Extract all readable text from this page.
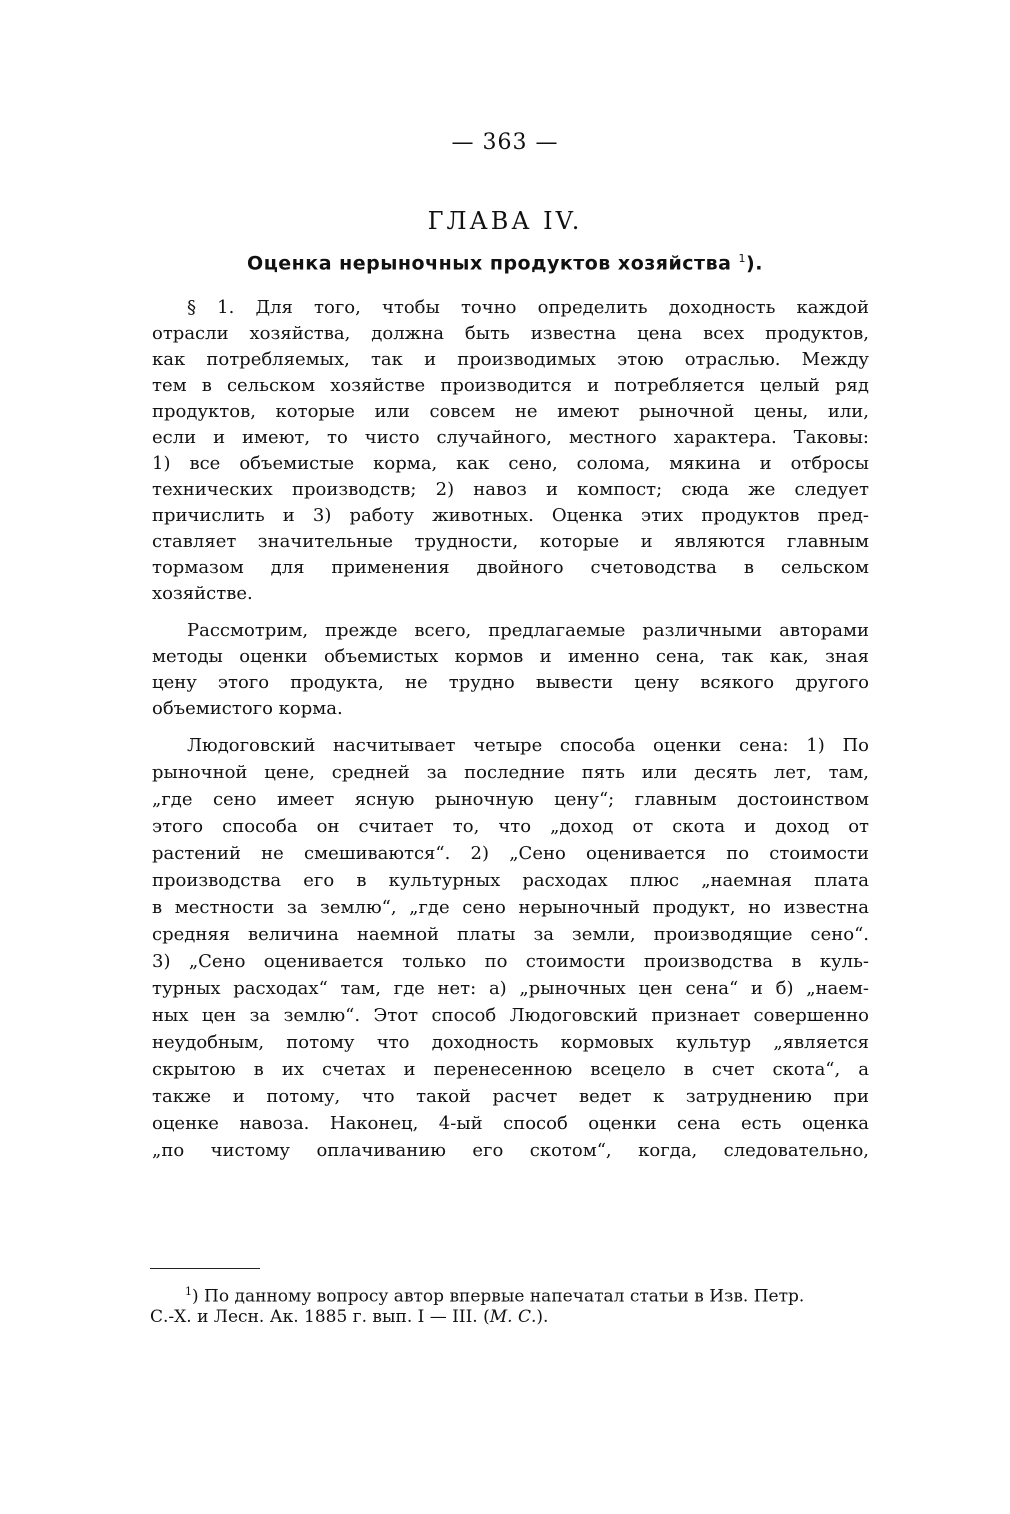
— 363 —
ГЛАВА IV.
Оценка нерыночных продуктов хозяйства $^1$).
§ 1. Для того, чтобы точно определить доходность каждой
отрасли хозяйства, должна быть известна цена всех продуктов,
как потребляемых, так и производимых этою отраслью. Между
тем в сельском хозяйстве производится и потребляется целый ряд
продуктов, которые или совсем не имеют рыночной цены, или,
если и имеют, то чисто случайного, местного характера. Таковы:
1) все объемистые корма, как сено, солома, мякина и отбросы
технических производств; 2) навоз и компост; сюда же следует
причислить и 3) работу животных. Оценка этих продуктов пред-
ставляет значительные трудности, которые и являются главным
тормазом для применения двойного счетоводства в сельском
хозяйстве.
Рассмотрим, прежде всего, предлагаемые различными авторами
методы оценки объемистых кормов и именно сена, так как, зная
цену этого продукта, не трудно вывести цену всякого другого
объемистого корма.
Людоговский насчитывает четыре способа оценки сена: 1) По
рыночной цене, средней за последние пять или десять лет, там,
„где сено имеет ясную рыночную цену“; главным достоинством
этого способа он считает то, что „доход от скота и доход от
растений не смешиваются“. 2) „Сено оценивается по стоимости
производства его в культурных расходах плюс „наемная плата
в местности за землю“, „где сено нерыночный продукт, но известна
средняя величина наемной платы за земли, производящие сено“.
3) „Сено оценивается только по стоимости производства в куль-
турных расходах“ там, где нет: а) „рыночных цен сена“ и б) „наем-
ных цен за землю“. Этот способ Людоговский признает совершенно
неудобным, потому что доходность кормовых культур „является
скрытою в их счетах и перенесенною всецело в счет скота“, а
также и потому, что такой расчет ведет к затруднению при
оценке навоза. Наконец, 4-ый способ оценки сена есть оценка
„по чистому оплачиванию его скотом“, когда, следовательно,
$^1$) По данному вопросу автор впервые напечатал статьи в Изв. Петр.
С.-Х. и Лесн. Ак. 1885 г. вып. I — III. (М. С.).
